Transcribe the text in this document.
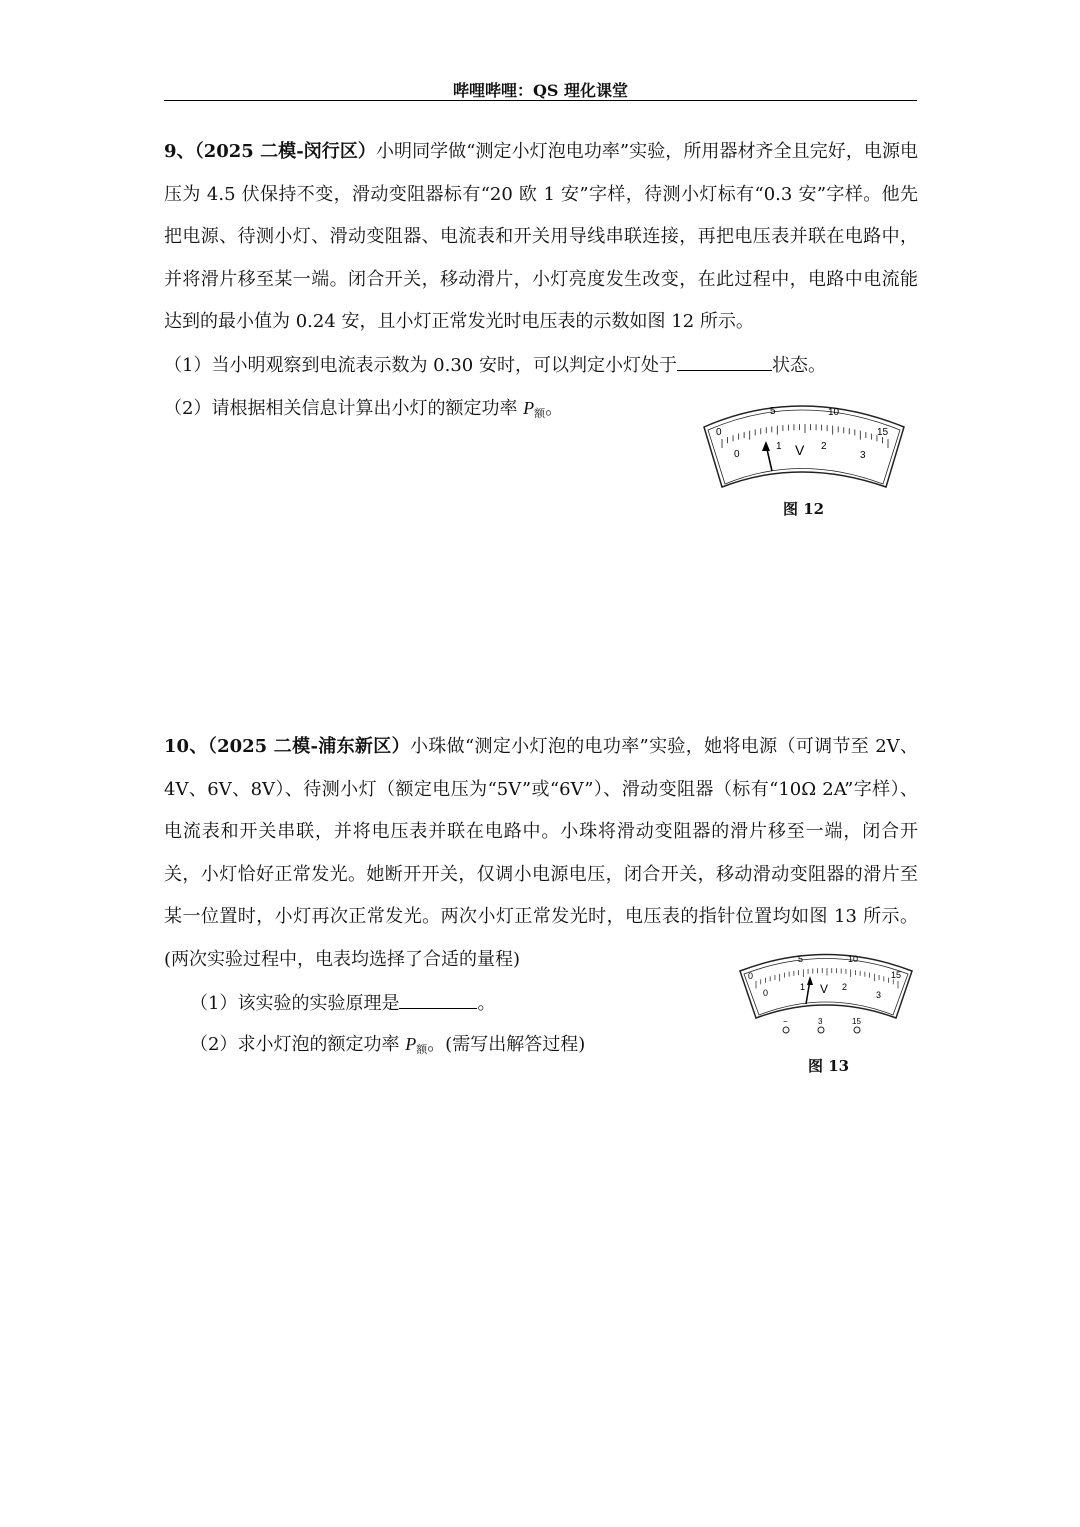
哔哩哔哩：QS 理化课堂
9、（2025 二模-闵行区）小明同学做“测定小灯泡电功率”实验，所用器材齐全且完好，电源电压为 4.5 伏保持不变，滑动变阻器标有“20 欧 1 安”字样，待测小灯标有“0.3 安”字样。他先把电源、待测小灯、滑动变阻器、电流表和开关用导线串联连接，再把电压表并联在电路中，并将滑片移至某一端。闭合开关，移动滑片，小灯亮度发生改变，在此过程中，电路中电流能达到的最小值为 0.24 安，且小灯正常发光时电压表的示数如图 12 所示。
（1）当小明观察到电流表示数为 0.30 安时，可以判定小灯处于	状态。
（2）请根据相关信息计算出小灯的额定功率 $P_额$。
0
5	10
15
0
1	2
3
V
图 12
10、（2025 二模-浦东新区）小珠做“测定小灯泡的电功率”实验，她将电源（可调节至 2V、4V、6V、8V）、待测小灯（额定电压为“5V”或“6V”）、滑动变阻器（标有“10Ω 2A”字样）、电流表和开关串联，并将电压表并联在电路中。小珠将滑动变阻器的滑片移至一端，闭合开关，小灯恰好正常发光。她断开开关，仅调小电源电压，闭合开关，移动滑动变阻器的滑片至某一位置时，小灯再次正常发光。两次小灯正常发光时，电压表的指针位置均如图 13 所示。(两次实验过程中，电表均选择了合适的量程)
（1）该实验的实验原理是	。
（2）求小灯泡的额定功率 $P_额$。(需写出解答过程)
0
5	10
15
0
1	2
3
V
−	3	15
图 13
